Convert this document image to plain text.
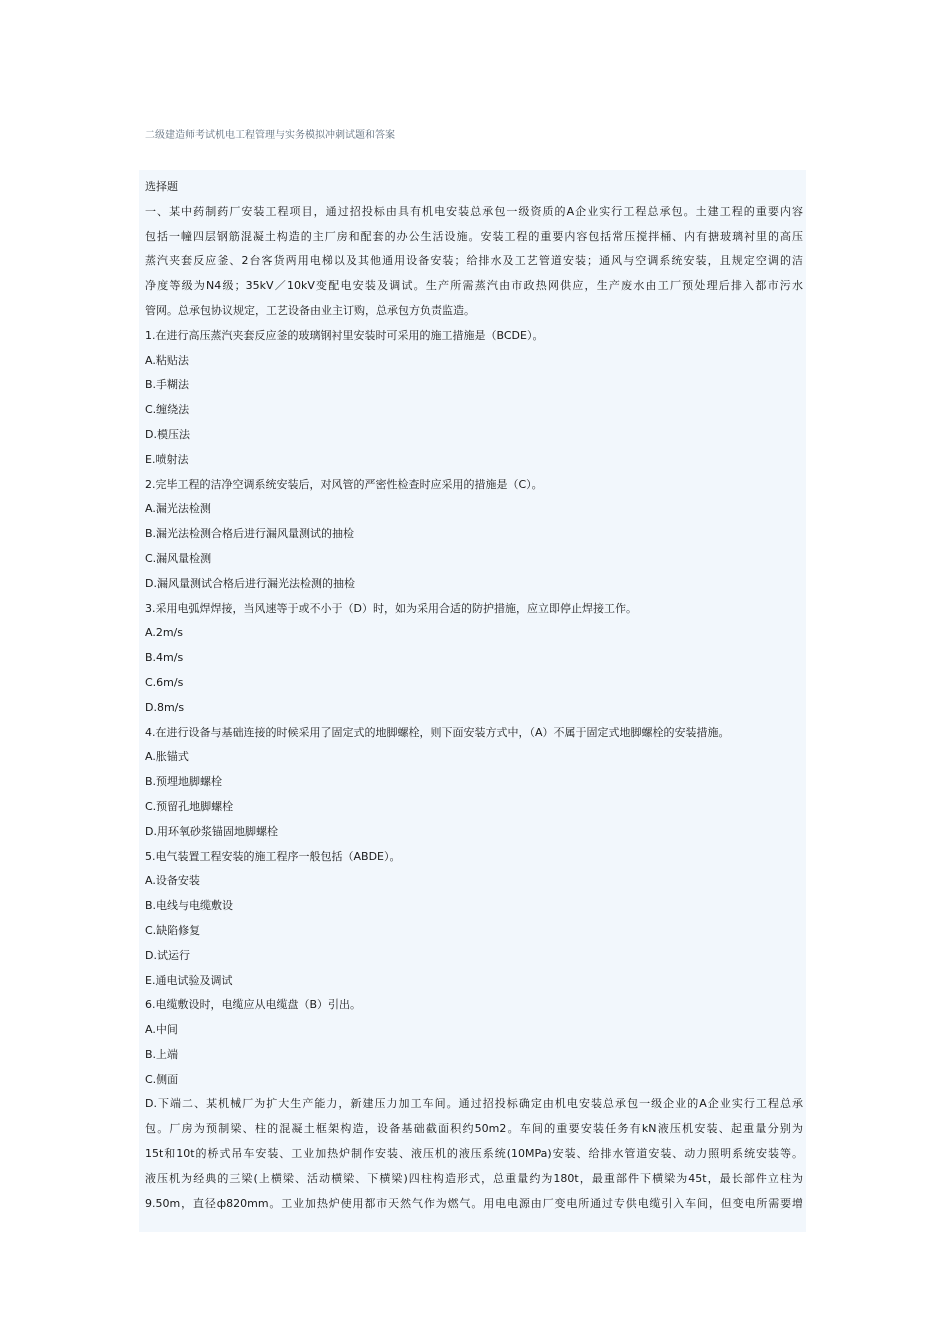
二级建造师考试机电工程管理与实务模拟冲刺试题和答案
选择题
一、某中药制药厂安装工程项目，通过招投标由具有机电安装总承包一级资质的A企业实行工程总承包。土建工程的重要内容
包括一幢四层钢筋混凝土构造的主厂房和配套的办公生活设施。安装工程的重要内容包括常压搅拌桶、内有搪玻璃衬里的高压
蒸汽夹套反应釜、2台客货两用电梯以及其他通用设备安装；给排水及工艺管道安装；通风与空调系统安装，且规定空调的洁
净度等级为N4级；35kV／10kV变配电安装及调试。生产所需蒸汽由市政热网供应，生产废水由工厂预处理后排入都市污水
管网。总承包协议规定，工艺设备由业主订购，总承包方负责监造。
1.在进行高压蒸汽夹套反应釜的玻璃钢衬里安装时可采用的施工措施是（BCDE）。
A.粘贴法
B.手糊法
C.缠绕法
D.模压法
E.喷射法
2.完毕工程的洁净空调系统安装后，对风管的严密性检查时应采用的措施是（C）。
A.漏光法检测
B.漏光法检测合格后进行漏风量测试的抽检
C.漏风量检测
D.漏风量测试合格后进行漏光法检测的抽检
3.采用电弧焊焊接，当风速等于或不小于（D）时，如为采用合适的防护措施，应立即停止焊接工作。
A.2m/s
B.4m/s
C.6m/s
D.8m/s
4.在进行设备与基础连接的时候采用了固定式的地脚螺栓，则下面安装方式中，（A）不属于固定式地脚螺栓的安装措施。
A.胀锚式
B.预埋地脚螺栓
C.预留孔地脚螺栓
D.用环氧砂浆锚固地脚螺栓
5.电气装置工程安装的施工程序一般包括（ABDE）。
A.设备安装
B.电线与电缆敷设
C.缺陷修复
D.试运行
E.通电试验及调试
6.电缆敷设时，电缆应从电缆盘（B）引出。
A.中间
B.上端
C.侧面
D.下端二、某机械厂为扩大生产能力，新建压力加工车间。通过招投标确定由机电安装总承包一级企业的A企业实行工程总承
包。厂房为预制梁、柱的混凝土框架构造，设备基础截面积约50m2。车间的重要安装任务有kN液压机安装、起重量分别为
15t和10t的桥式吊车安装、工业加热炉制作安装、液压机的液压系统(10MPa)安装、给排水管道安装、动力照明系统安装等。
液压机为经典的三梁(上横梁、活动横梁、下横梁)四柱构造形式，总重量约为180t，最重部件下横梁为45t，最长部件立柱为
9.50m，直径ф820mm。工业加热炉使用都市天然气作为燃气。用电电源由厂变电所通过专供电缆引入车间，但变电所需要增
